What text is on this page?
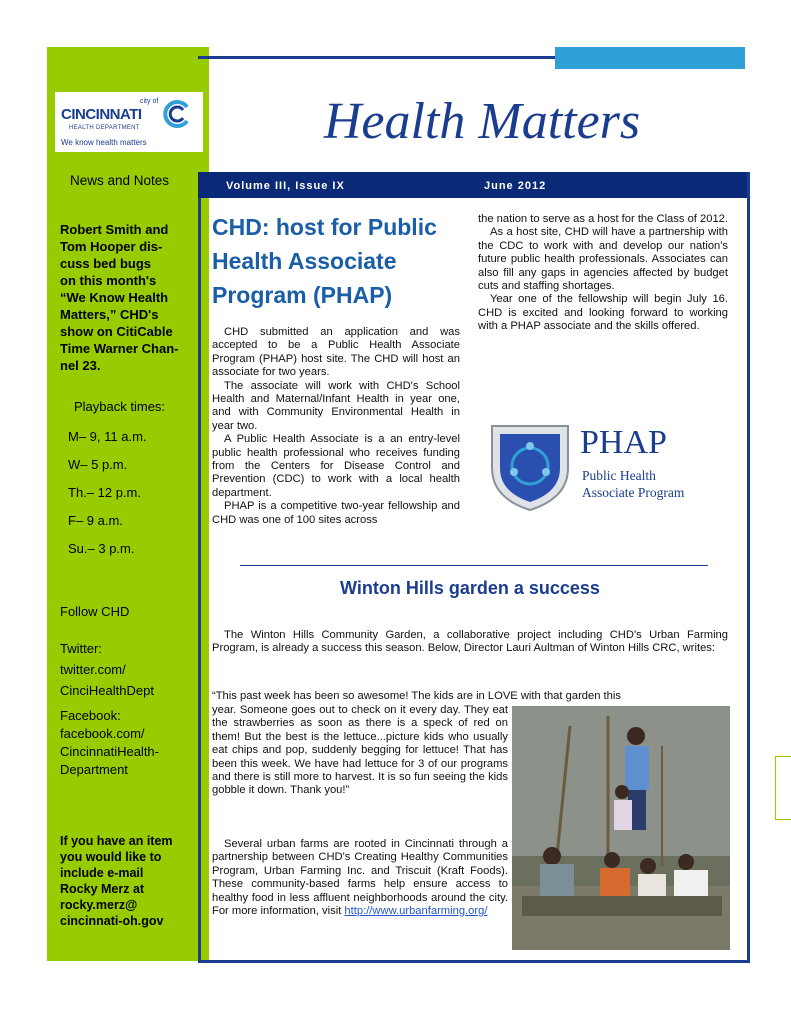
city of
CINCINNATI
HEALTH DEPARTMENT
We know health matters
News and Notes
Robert Smith and
Tom Hooper dis-
cuss bed bugs
on this month's
“We Know Health
Matters,” CHD's
show on CitiCable
Time Warner Chan-
nel 23.
Playback times:
M– 9, 11 a.m.
W– 5 p.m.
Th.– 12 p.m.
F– 9 a.m.
Su.– 3 p.m.
Follow CHD
Twitter:
twitter.com/
CinciHealthDept
Facebook:
facebook.com/
CincinnatiHealth-
Department
If you have an item
you would like to
include e-mail
Rocky Merz at
rocky.merz@
cincinnati-oh.gov
Health Matters
Volume III, Issue IX	June 2012
CHD: host for Public
Health Associate
Program (PHAP)

CHD submitted an application and was accepted to be a Public Health Associate Program (PHAP) host site. The CHD will host an associate for two years.

The associate will work with CHD's School Health and Maternal/Infant Health in year one, and with Community Environmental Health in year two.

A Public Health Associate is a an entry-level public health professional who receives funding from the Centers for Disease Control and Prevention (CDC) to work with a local health department.

PHAP is a competitive two-year fellowship and CHD was one of 100 sites across

the nation to serve as a host for the Class of 2012.

As a host site, CHD will have a partnership with the CDC to work with and develop our nation's future public health professionals. Associates can also fill any gaps in agencies affected by budget cuts and staffing shortages.

Year one of the fellowship will begin July 16. CHD is excited and looking forward to working with a PHAP associate and the skills offered.

PHAP
Public Health
Associate Program
Winton Hills garden a success

The Winton Hills Community Garden, a collaborative project including CHD's Urban Farming Program, is already a success this season. Below, Director Lauri Aultman of Winton Hills CRC, writes:

“This past week has been so awesome! The kids are in LOVE with that garden this

year. Someone goes out to check on it every day. They eat the strawberries as soon as there is a speck of red on them! But the best is the lettuce...picture kids who usually eat chips and pop, suddenly begging for lettuce! That has been this week. We have had lettuce for 3 of our programs and there is still more to harvest. It is so fun seeing the kids gobble it down. Thank you!”

Several urban farms are rooted in Cincinnati through a partnership between CHD's Creating Healthy Communities Program, Urban Farming Inc. and Triscuit (Kraft Foods). These community-based farms help ensure access to healthy food in less affluent neighborhoods around the city. For more information, visit http://www.urbanfarming.org/
